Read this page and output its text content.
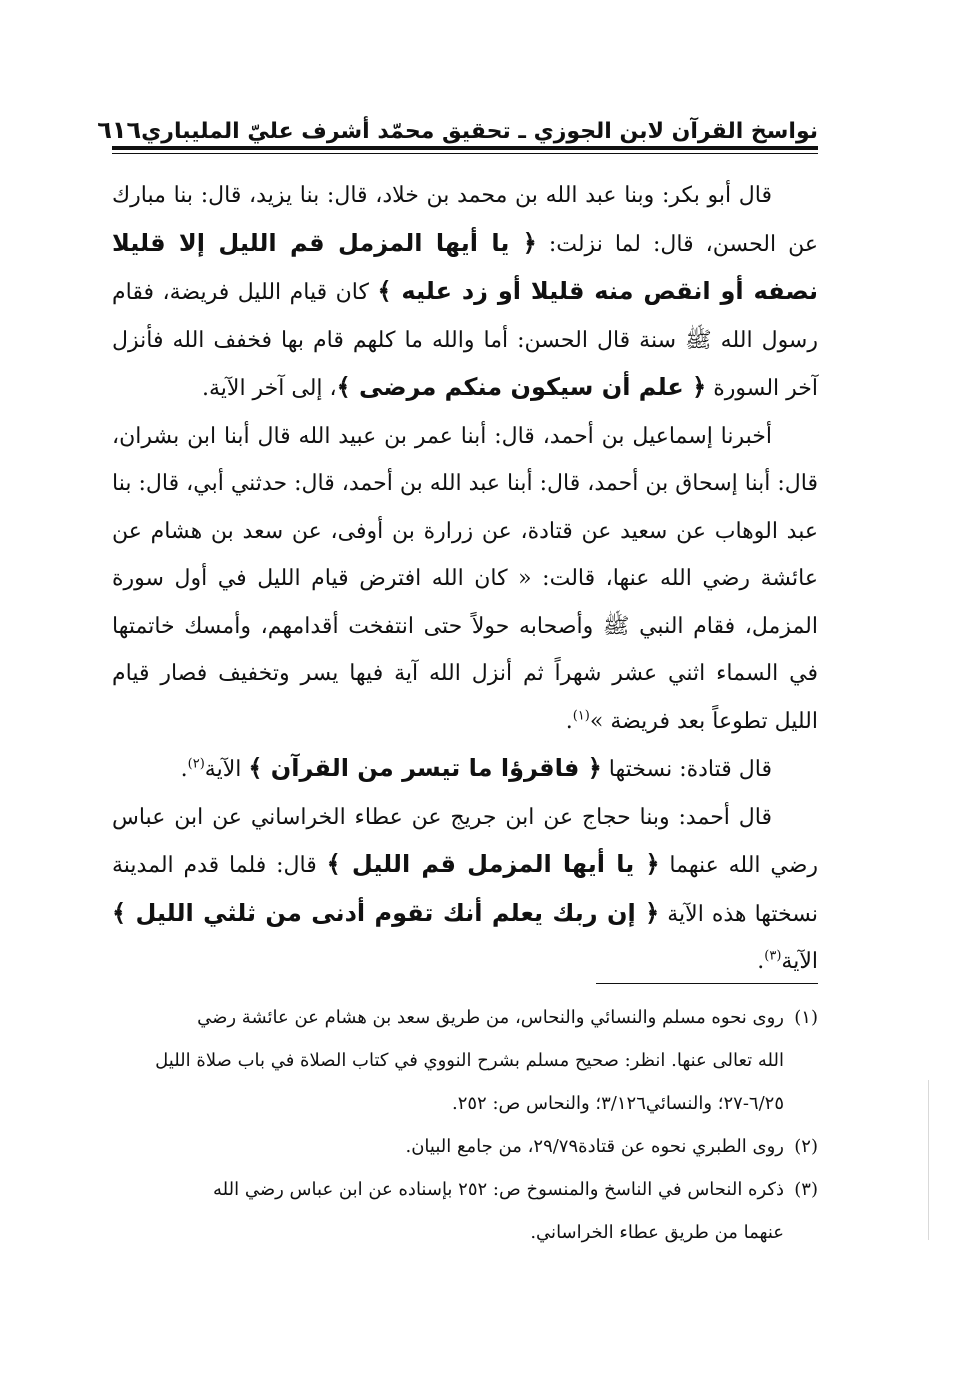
نواسخ القرآن لابن الجوزي ـ تحقيق محمّد أشرف عليّ المليباري
٦١٦

قال أبو بكر: وبنا عبد الله بن محمد بن خلاد، قال: بنا يزيد، قال: بنا مبارك عن الحسن، قال: لما نزلت: ﴿ يا أيها المزمل قم الليل إلا قليلا نصفه أو انقص منه قليلا أو زد عليه ﴾ كان قيام الليل فريضة، فقام رسول الله ﷺ سنة قال الحسن: أما والله ما كلهم قام بها فخفف الله فأنزل آخر السورة ﴿ علم أن سيكون منكم مرضى ﴾، إلى آخر الآية.

أخبرنا إسماعيل بن أحمد، قال: أبنا عمر بن عبيد الله قال أبنا ابن بشران، قال: أبنا إسحاق بن أحمد، قال: أبنا عبد الله بن أحمد، قال: حدثني أبي، قال: بنا عبد الوهاب عن سعيد عن قتادة، عن زرارة بن أوفى، عن سعد بن هشام عن عائشة رضي الله عنها، قالت: « كان الله افترض قيام الليل في أول سورة المزمل، فقام النبي ﷺ وأصحابه حولاً حتى انتفخت أقدامهم، وأمسك خاتمتها في السماء اثني عشر شهراً ثم أنزل الله آية فيها يسر وتخفيف فصار قيام الليل تطوعاً بعد فريضة »$^{(١)}$.

قال قتادة: نسختها ﴿ فاقرؤا ما تيسر من القرآن ﴾ الآية$^{(٢)}$.

قال أحمد: وبنا حجاج عن ابن جريج عن عطاء الخراساني عن ابن عباس رضي الله عنهما ﴿ يا أيها المزمل قم الليل ﴾ قال: فلما قدم المدينة نسختها هذه الآية ﴿ إن ربك يعلم أنك تقوم أدنى من ثلثي الليل ﴾ الآية$^{(٣)}$.

(١)روى نحوه مسلم والنسائي والنحاس، من طريق سعد بن هشام عن عائشة رضي

الله تعالى عنها. انظر: صحيح مسلم بشرح النووي في كتاب الصلاة في باب صلاة الليل

٦/٢٥-٢٧؛ والنسائي٣/١٢٦؛ والنحاس ص: ٢٥٢.

(٢)روى الطبري نحوه عن قتادة٢٩/٧٩، من جامع البيان.

(٣)ذكره النحاس في الناسخ والمنسوخ ص: ٢٥٢ بإسناده عن ابن عباس رضي الله

عنهما من طريق عطاء الخراساني.
